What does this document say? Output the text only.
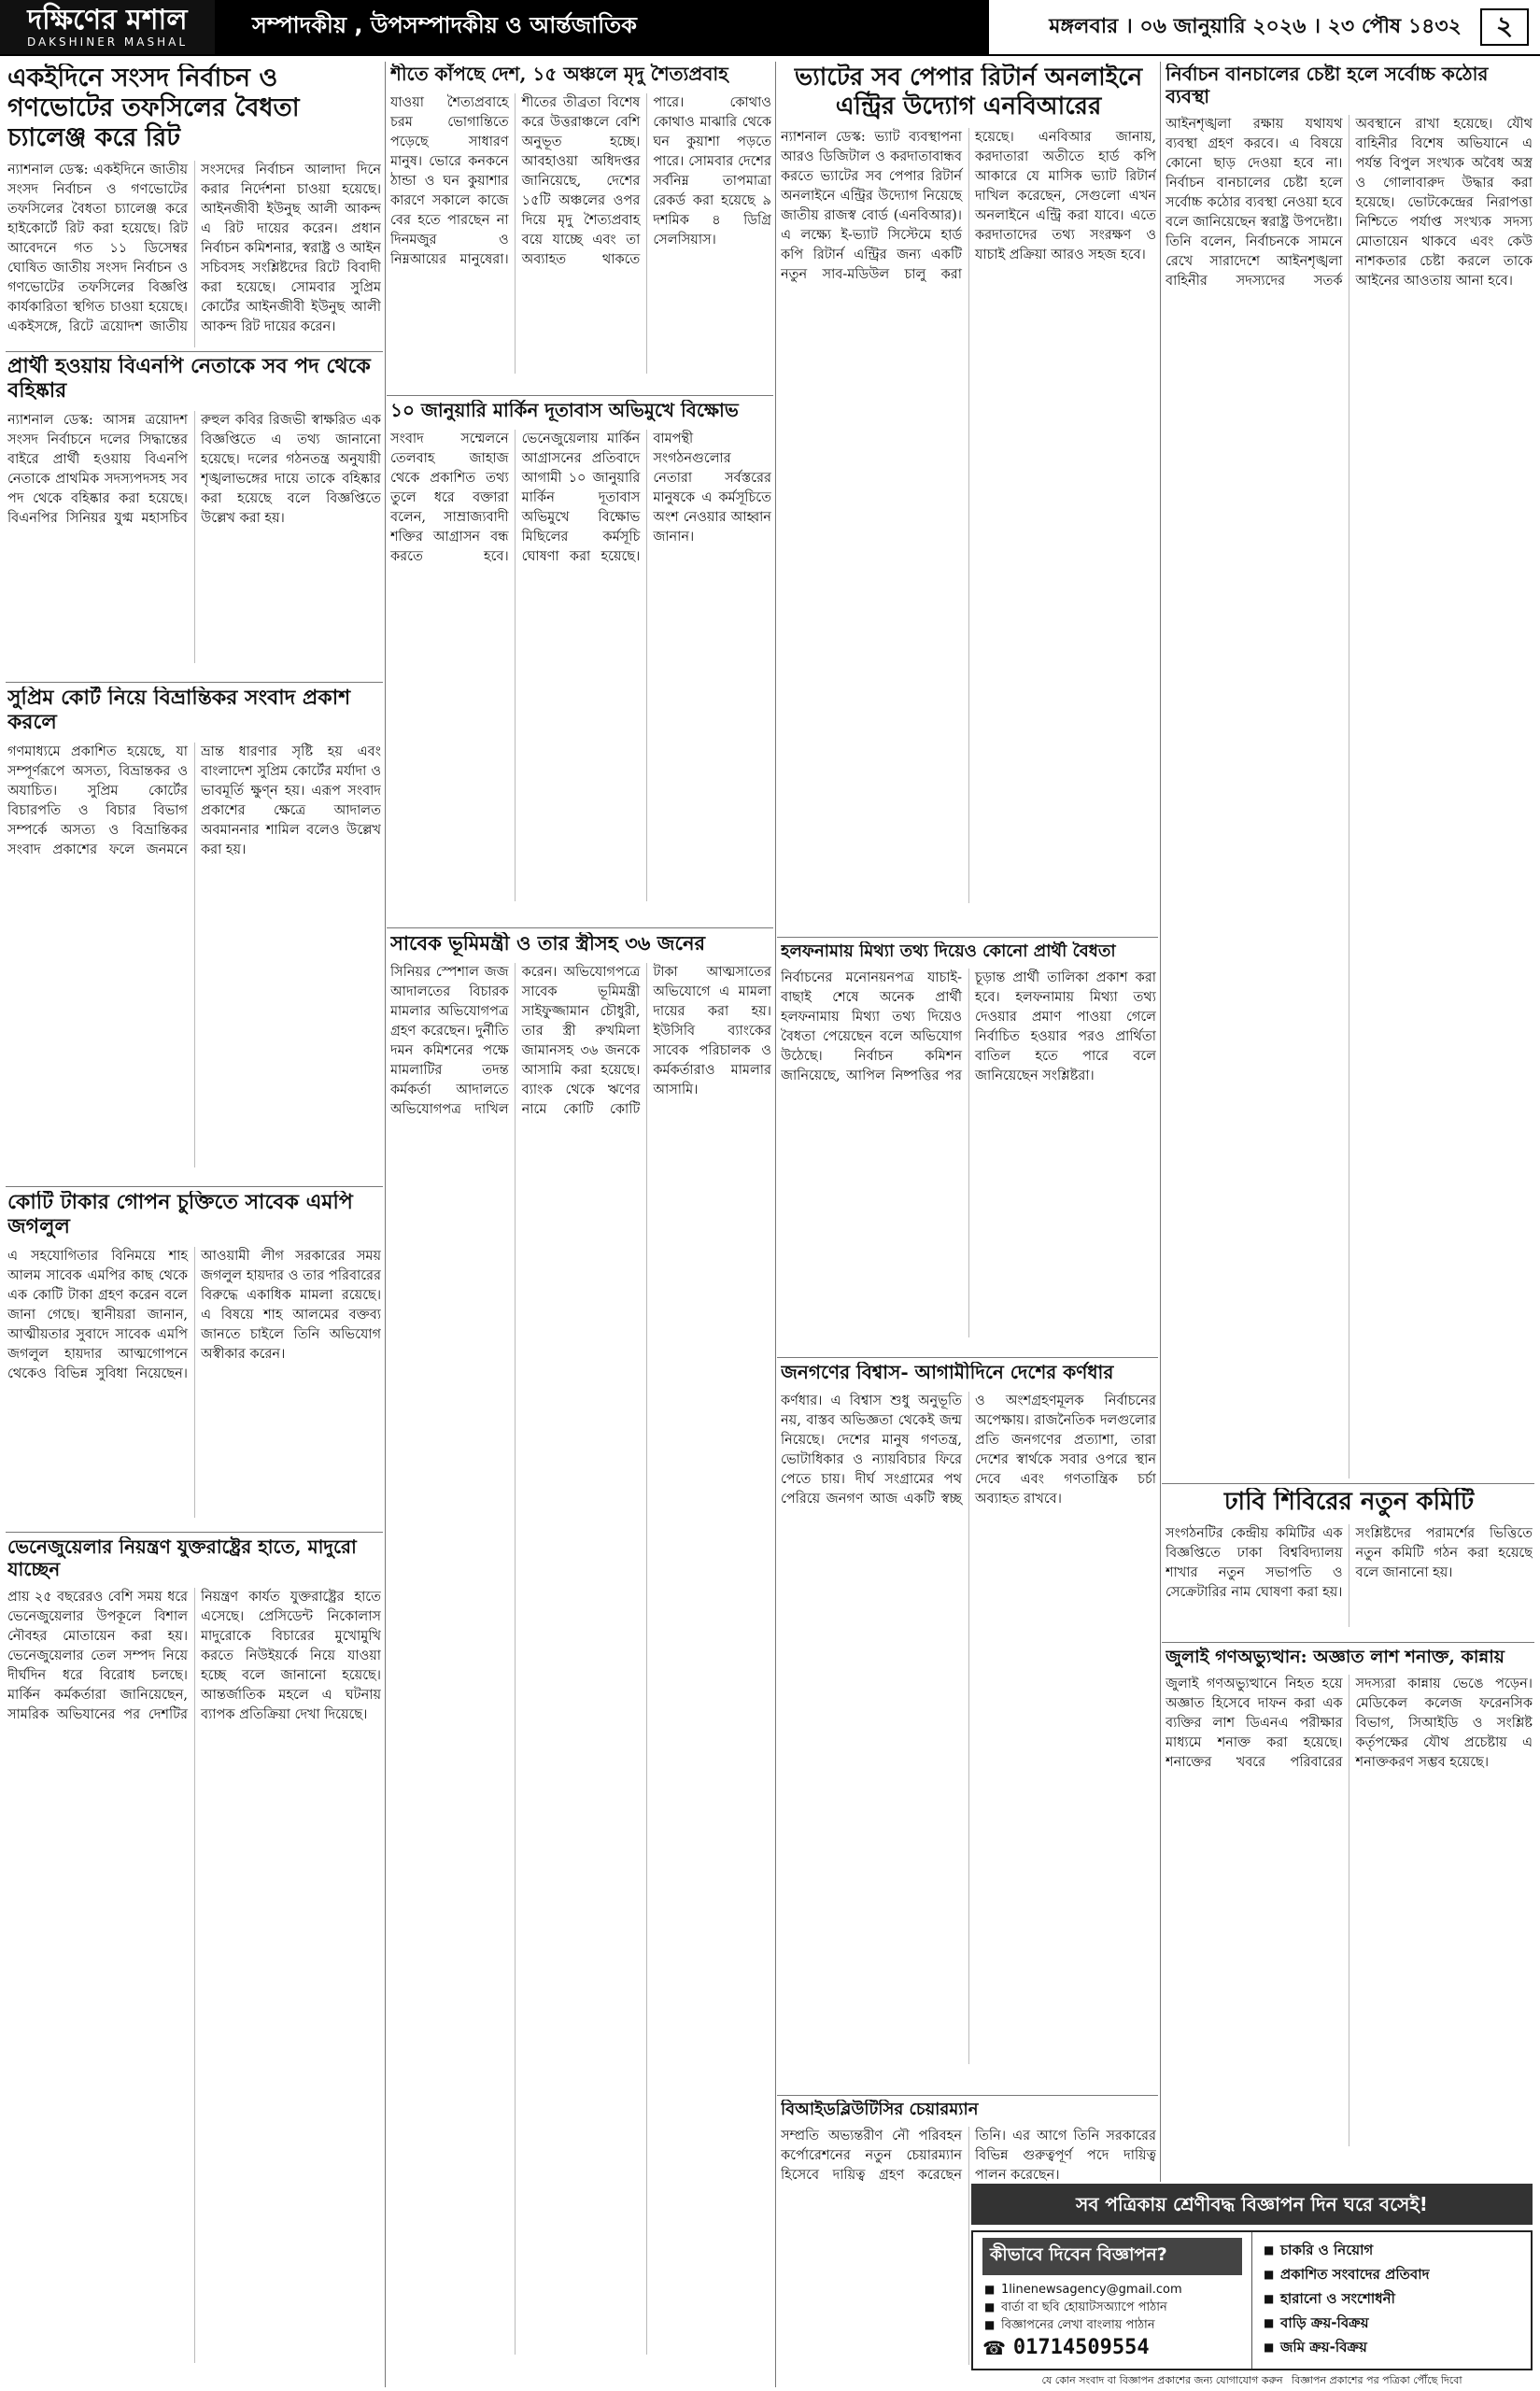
দক্ষিণের মশাল
DAKSHINER MASHAL
সম্পাদকীয় , উপসম্পাদকীয় ও আর্ন্তজাতিক	মঙ্গলবার । ০৬ জানুয়ারি ২০২৬ । ২৩ পৌষ ১৪৩২	২
একইদিনে সংসদ নির্বাচন ও গণভোটের তফসিলের বৈধতা চ্যালেঞ্জ করে রিট
ন্যাশনাল ডেস্ক: একইদিনে জাতীয় সংসদ নির্বাচন ও গণভোটের তফসিলের বৈধতা চ্যালেঞ্জ করে হাইকোর্টে রিট করা হয়েছে। রিট আবেদনে গত ১১ ডিসেম্বর ঘোষিত জাতীয় সংসদ নির্বাচন ও গণভোটের তফসিলের বিজ্ঞপ্তি কার্যকারিতা স্থগিত চাওয়া হয়েছে। একইসঙ্গে, রিটে ত্রয়োদশ জাতীয় সংসদের নির্বাচন আলাদা দিনে করার নির্দেশনা চাওয়া হয়েছে। আইনজীবী ইউনুছ আলী আকন্দ এ রিট দায়ের করেন। প্রধান নির্বাচন কমিশনার, স্বরাষ্ট্র ও আইন সচিবসহ সংশ্লিষ্টদের রিটে বিবাদী করা হয়েছে। সোমবার সুপ্রিম কোর্টের আইনজীবী ইউনুছ আলী আকন্দ রিট দায়ের করেন।
প্রার্থী হওয়ায় বিএনপি নেতাকে সব পদ থেকে বহিষ্কার
ন্যাশনাল ডেস্ক: আসন্ন ত্রয়োদশ সংসদ নির্বাচনে দলের সিদ্ধান্তের বাইরে প্রার্থী হওয়ায় বিএনপি নেতাকে প্রাথমিক সদস্যপদসহ সব পদ থেকে বহিষ্কার করা হয়েছে। বিএনপির সিনিয়র যুগ্ম মহাসচিব রুহুল কবির রিজভী স্বাক্ষরিত এক বিজ্ঞপ্তিতে এ তথ্য জানানো হয়েছে। দলের গঠনতন্ত্র অনুযায়ী শৃঙ্খলাভঙ্গের দায়ে তাকে বহিষ্কার করা হয়েছে বলে বিজ্ঞপ্তিতে উল্লেখ করা হয়।
সুপ্রিম কোর্ট নিয়ে বিভ্রান্তিকর সংবাদ প্রকাশ করলে
গণমাধ্যমে প্রকাশিত হয়েছে, যা সম্পূর্ণরূপে অসত্য, বিভ্রান্তকর ও অযাচিত। সুপ্রিম কোর্টের বিচারপতি ও বিচার বিভাগ সম্পর্কে অসত্য ও বিভ্রান্তিকর সংবাদ প্রকাশের ফলে জনমনে ভ্রান্ত ধারণার সৃষ্টি হয় এবং বাংলাদেশ সুপ্রিম কোর্টের মর্যাদা ও ভাবমূর্তি ক্ষুণ্ন হয়। এরূপ সংবাদ প্রকাশের ক্ষেত্রে আদালত অবমাননার শামিল বলেও উল্লেখ করা হয়।
কোটি টাকার গোপন চুক্তিতে সাবেক এমপি জগলুল
এ সহযোগিতার বিনিময়ে শাহ আলম সাবেক এমপির কাছ থেকে এক কোটি টাকা গ্রহণ করেন বলে জানা গেছে। স্থানীয়রা জানান, আত্মীয়তার সুবাদে সাবেক এমপি জগলুল হায়দার আত্মগোপনে থেকেও বিভিন্ন সুবিধা নিয়েছেন। আওয়ামী লীগ সরকারের সময় জগলুল হায়দার ও তার পরিবারের বিরুদ্ধে একাধিক মামলা রয়েছে। এ বিষয়ে শাহ আলমের বক্তব্য জানতে চাইলে তিনি অভিযোগ অস্বীকার করেন।
ভেনেজুয়েলার নিয়ন্ত্রণ যুক্তরাষ্ট্রের হাতে, মাদুরো যাচ্ছেন
প্রায় ২৫ বছরেরও বেশি সময় ধরে ভেনেজুয়েলার উপকূলে বিশাল নৌবহর মোতায়েন করা হয়। ভেনেজুয়েলার তেল সম্পদ নিয়ে দীর্ঘদিন ধরে বিরোধ চলছে। মার্কিন কর্মকর্তারা জানিয়েছেন, সামরিক অভিযানের পর দেশটির নিয়ন্ত্রণ কার্যত যুক্তরাষ্ট্রের হাতে এসেছে। প্রেসিডেন্ট নিকোলাস মাদুরোকে বিচারের মুখোমুখি করতে নিউইয়র্কে নিয়ে যাওয়া হচ্ছে বলে জানানো হয়েছে। আন্তর্জাতিক মহলে এ ঘটনায় ব্যাপক প্রতিক্রিয়া দেখা দিয়েছে।
শীতে কাঁপছে দেশ, ১৫ অঞ্চলে মৃদু শৈত্যপ্রবাহ
যাওয়া শৈত্যপ্রবাহে চরম ভোগান্তিতে পড়েছে সাধারণ মানুষ। ভোরে কনকনে ঠান্ডা ও ঘন কুয়াশার কারণে সকালে কাজে বের হতে পারছেন না দিনমজুর ও নিম্নআয়ের মানুষেরা। শীতের তীব্রতা বিশেষ করে উত্তরাঞ্চলে বেশি অনুভূত হচ্ছে। আবহাওয়া অধিদপ্তর জানিয়েছে, দেশের ১৫টি অঞ্চলের ওপর দিয়ে মৃদু শৈত্যপ্রবাহ বয়ে যাচ্ছে এবং তা অব্যাহত থাকতে পারে। কোথাও কোথাও মাঝারি থেকে ঘন কুয়াশা পড়তে পারে। সোমবার দেশের সর্বনিম্ন তাপমাত্রা রেকর্ড করা হয়েছে ৯ দশমিক ৪ ডিগ্রি সেলসিয়াস।
১০ জানুয়ারি মার্কিন দূতাবাস অভিমুখে বিক্ষোভ
সংবাদ সম্মেলনে তেলবাহ জাহাজ থেকে প্রকাশিত তথ্য তুলে ধরে বক্তারা বলেন, সাম্রাজ্যবাদী শক্তির আগ্রাসন বন্ধ করতে হবে। ভেনেজুয়েলায় মার্কিন আগ্রাসনের প্রতিবাদে আগামী ১০ জানুয়ারি মার্কিন দূতাবাস অভিমুখে বিক্ষোভ মিছিলের কর্মসূচি ঘোষণা করা হয়েছে। বামপন্থী সংগঠনগুলোর নেতারা সর্বস্তরের মানুষকে এ কর্মসূচিতে অংশ নেওয়ার আহ্বান জানান।
সাবেক ভূমিমন্ত্রী ও তার স্ত্রীসহ ৩৬ জনের
সিনিয়র স্পেশাল জজ আদালতের বিচারক মামলার অভিযোগপত্র গ্রহণ করেছেন। দুর্নীতি দমন কমিশনের পক্ষে মামলাটির তদন্ত কর্মকর্তা আদালতে অভিযোগপত্র দাখিল করেন। অভিযোগপত্রে সাবেক ভূমিমন্ত্রী সাইফুজ্জামান চৌধুরী, তার স্ত্রী রুখমিলা জামানসহ ৩৬ জনকে আসামি করা হয়েছে। ব্যাংক থেকে ঋণের নামে কোটি কোটি টাকা আত্মসাতের অভিযোগে এ মামলা দায়ের করা হয়। ইউসিবি ব্যাংকের সাবেক পরিচালক ও কর্মকর্তারাও মামলার আসামি।
ভ্যাটের সব পেপার রিটার্ন অনলাইনে এন্ট্রির উদ্যোগ এনবিআরের
ন্যাশনাল ডেস্ক: ভ্যাট ব্যবস্থাপনা আরও ডিজিটাল ও করদাতাবান্ধব করতে ভ্যাটের সব পেপার রিটার্ন অনলাইনে এন্ট্রির উদ্যোগ নিয়েছে জাতীয় রাজস্ব বোর্ড (এনবিআর)। এ লক্ষ্যে ই-ভ্যাট সিস্টেমে হার্ড কপি রিটার্ন এন্ট্রির জন্য একটি নতুন সাব-মডিউল চালু করা হয়েছে। এনবিআর জানায়, করদাতারা অতীতে হার্ড কপি আকারে যে মাসিক ভ্যাট রিটার্ন দাখিল করেছেন, সেগুলো এখন অনলাইনে এন্ট্রি করা যাবে। এতে করদাতাদের তথ্য সংরক্ষণ ও যাচাই প্রক্রিয়া আরও সহজ হবে।
হলফনামায় মিথ্যা তথ্য দিয়েও কোনো প্রার্থী বৈধতা
নির্বাচনের মনোনয়নপত্র যাচাই-বাছাই শেষে অনেক প্রার্থী হলফনামায় মিথ্যা তথ্য দিয়েও বৈধতা পেয়েছেন বলে অভিযোগ উঠেছে। নির্বাচন কমিশন জানিয়েছে, আপিল নিষ্পত্তির পর চূড়ান্ত প্রার্থী তালিকা প্রকাশ করা হবে। হলফনামায় মিথ্যা তথ্য দেওয়ার প্রমাণ পাওয়া গেলে নির্বাচিত হওয়ার পরও প্রার্থিতা বাতিল হতে পারে বলে জানিয়েছেন সংশ্লিষ্টরা।
জনগণের বিশ্বাস- আগামীদিনে দেশের কর্ণধার
কর্ণধার। এ বিশ্বাস শুধু অনুভূতি নয়, বাস্তব অভিজ্ঞতা থেকেই জন্ম নিয়েছে। দেশের মানুষ গণতন্ত্র, ভোটাধিকার ও ন্যায়বিচার ফিরে পেতে চায়। দীর্ঘ সংগ্রামের পথ পেরিয়ে জনগণ আজ একটি স্বচ্ছ ও অংশগ্রহণমূলক নির্বাচনের অপেক্ষায়। রাজনৈতিক দলগুলোর প্রতি জনগণের প্রত্যাশা, তারা দেশের স্বার্থকে সবার ওপরে স্থান দেবে এবং গণতান্ত্রিক চর্চা অব্যাহত রাখবে।
বিআইডব্লিউটিসির চেয়ারম্যান
সম্প্রতি অভ্যন্তরীণ নৌ পরিবহন কর্পোরেশনের নতুন চেয়ারম্যান হিসেবে দায়িত্ব গ্রহণ করেছেন তিনি। এর আগে তিনি সরকারের বিভিন্ন গুরুত্বপূর্ণ পদে দায়িত্ব পালন করেছেন।
নির্বাচন বানচালের চেষ্টা হলে সর্বোচ্চ কঠোর ব্যবস্থা
আইনশৃঙ্খলা রক্ষায় যথাযথ ব্যবস্থা গ্রহণ করবে। এ বিষয়ে কোনো ছাড় দেওয়া হবে না। নির্বাচন বানচালের চেষ্টা হলে সর্বোচ্চ কঠোর ব্যবস্থা নেওয়া হবে বলে জানিয়েছেন স্বরাষ্ট্র উপদেষ্টা। তিনি বলেন, নির্বাচনকে সামনে রেখে সারাদেশে আইনশৃঙ্খলা বাহিনীর সদস্যদের সতর্ক অবস্থানে রাখা হয়েছে। যৌথ বাহিনীর বিশেষ অভিযানে এ পর্যন্ত বিপুল সংখ্যক অবৈধ অস্ত্র ও গোলাবারুদ উদ্ধার করা হয়েছে। ভোটকেন্দ্রের নিরাপত্তা নিশ্চিতে পর্যাপ্ত সংখ্যক সদস্য মোতায়েন থাকবে এবং কেউ নাশকতার চেষ্টা করলে তাকে আইনের আওতায় আনা হবে।
ঢাবি শিবিরের নতুন কমিটি
সংগঠনটির কেন্দ্রীয় কমিটির এক বিজ্ঞপ্তিতে ঢাকা বিশ্ববিদ্যালয় শাখার নতুন সভাপতি ও সেক্রেটারির নাম ঘোষণা করা হয়। সংশ্লিষ্টদের পরামর্শের ভিত্তিতে নতুন কমিটি গঠন করা হয়েছে বলে জানানো হয়।
জুলাই গণঅভ্যুত্থান: অজ্ঞাত লাশ শনাক্ত, কান্নায়
জুলাই গণঅভ্যুত্থানে নিহত হয়ে অজ্ঞাত হিসেবে দাফন করা এক ব্যক্তির লাশ ডিএনএ পরীক্ষার মাধ্যমে শনাক্ত করা হয়েছে। শনাক্তের খবরে পরিবারের সদস্যরা কান্নায় ভেঙে পড়েন। মেডিকেল কলেজ ফরেনসিক বিভাগ, সিআইডি ও সংশ্লিষ্ট কর্তৃপক্ষের যৌথ প্রচেষ্টায় এ শনাক্তকরণ সম্ভব হয়েছে।
সব পত্রিকায় শ্রেণীবদ্ধ বিজ্ঞাপন দিন ঘরে বসেই!
কীভাবে দিবেন বিজ্ঞাপন?
■ 1linenewsagency@gmail.com
■ বার্তা বা ছবি হোয়াটসঅ্যাপে পাঠান
■ বিজ্ঞাপনের লেখা বাংলায় পাঠান
☎ 01714509554
■ চাকরি ও নিয়োগ
■ প্রকাশিত সংবাদের প্রতিবাদ
■ হারানো ও সংশোধনী
■ বাড়ি ক্রয়-বিক্রয়
■ জমি ক্রয়-বিক্রয়
যে কোন সংবাদ বা বিজ্ঞাপন প্রকাশের জন্য যোগাযোগ করুন বিজ্ঞাপন প্রকাশের পর পত্রিকা পৌঁছে দিবো
